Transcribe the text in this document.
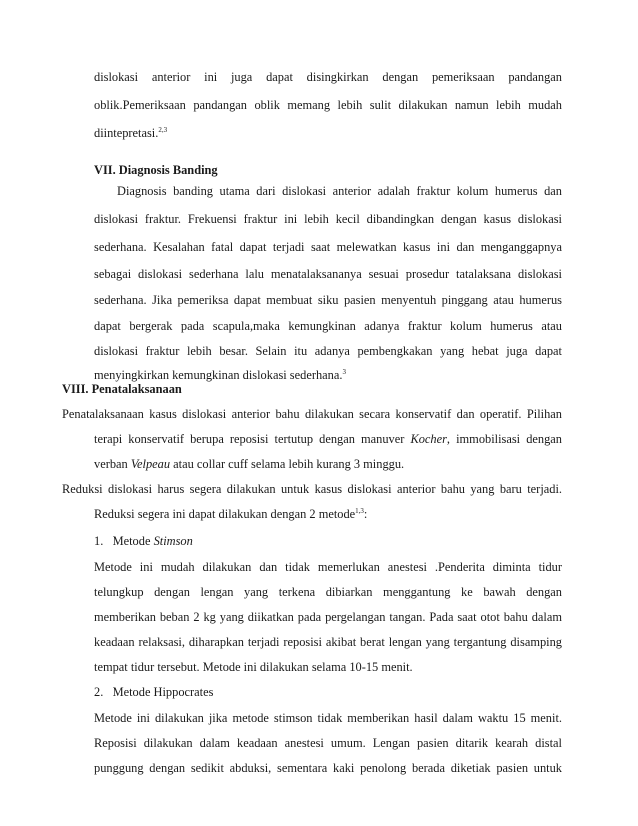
dislokasi anterior ini juga dapat disingkirkan dengan pemeriksaan pandangan
oblik.Pemeriksaan pandangan oblik memang lebih sulit dilakukan namun lebih mudah
diintepretasi.$^{2,3}$
VII. Diagnosis Banding
Diagnosis banding utama dari dislokasi anterior adalah fraktur kolum humerus dan
dislokasi fraktur. Frekuensi fraktur ini lebih kecil dibandingkan dengan kasus dislokasi
sederhana. Kesalahan fatal dapat terjadi saat melewatkan kasus ini dan menganggapnya
sebagai dislokasi sederhana lalu menatalaksananya sesuai prosedur tatalaksana dislokasi
sederhana. Jika pemeriksa dapat membuat siku pasien menyentuh pinggang atau humerus
dapat bergerak pada scapula,maka kemungkinan adanya fraktur kolum humerus atau
dislokasi fraktur lebih besar. Selain itu adanya pembengkakan yang hebat juga dapat
menyingkirkan kemungkinan dislokasi sederhana.$^3$
VIII. Penatalaksanaan
Penatalaksanaan kasus dislokasi anterior bahu dilakukan secara konservatif dan operatif. Pilihan
terapi konservatif berupa reposisi tertutup dengan manuver Kocher, immobilisasi dengan
verban Velpeau atau collar cuff selama lebih kurang 3 minggu.
Reduksi dislokasi harus segera dilakukan untuk kasus dislokasi anterior bahu yang baru terjadi.
Reduksi segera ini dapat dilakukan dengan 2 metode$^{1,3}$:
1. Metode Stimson
Metode ini mudah dilakukan dan tidak memerlukan anestesi .Penderita diminta tidur
telungkup dengan lengan yang terkena dibiarkan menggantung ke bawah dengan
memberikan beban 2 kg yang diikatkan pada pergelangan tangan. Pada saat otot bahu dalam
keadaan relaksasi, diharapkan terjadi reposisi akibat berat lengan yang tergantung disamping
tempat tidur tersebut. Metode ini dilakukan selama 10-15 menit.
2. Metode Hippocrates
Metode ini dilakukan jika metode stimson tidak memberikan hasil dalam waktu 15 menit.
Reposisi dilakukan dalam keadaan anestesi umum. Lengan pasien ditarik kearah distal
punggung dengan sedikit abduksi, sementara kaki penolong berada diketiak pasien untuk
